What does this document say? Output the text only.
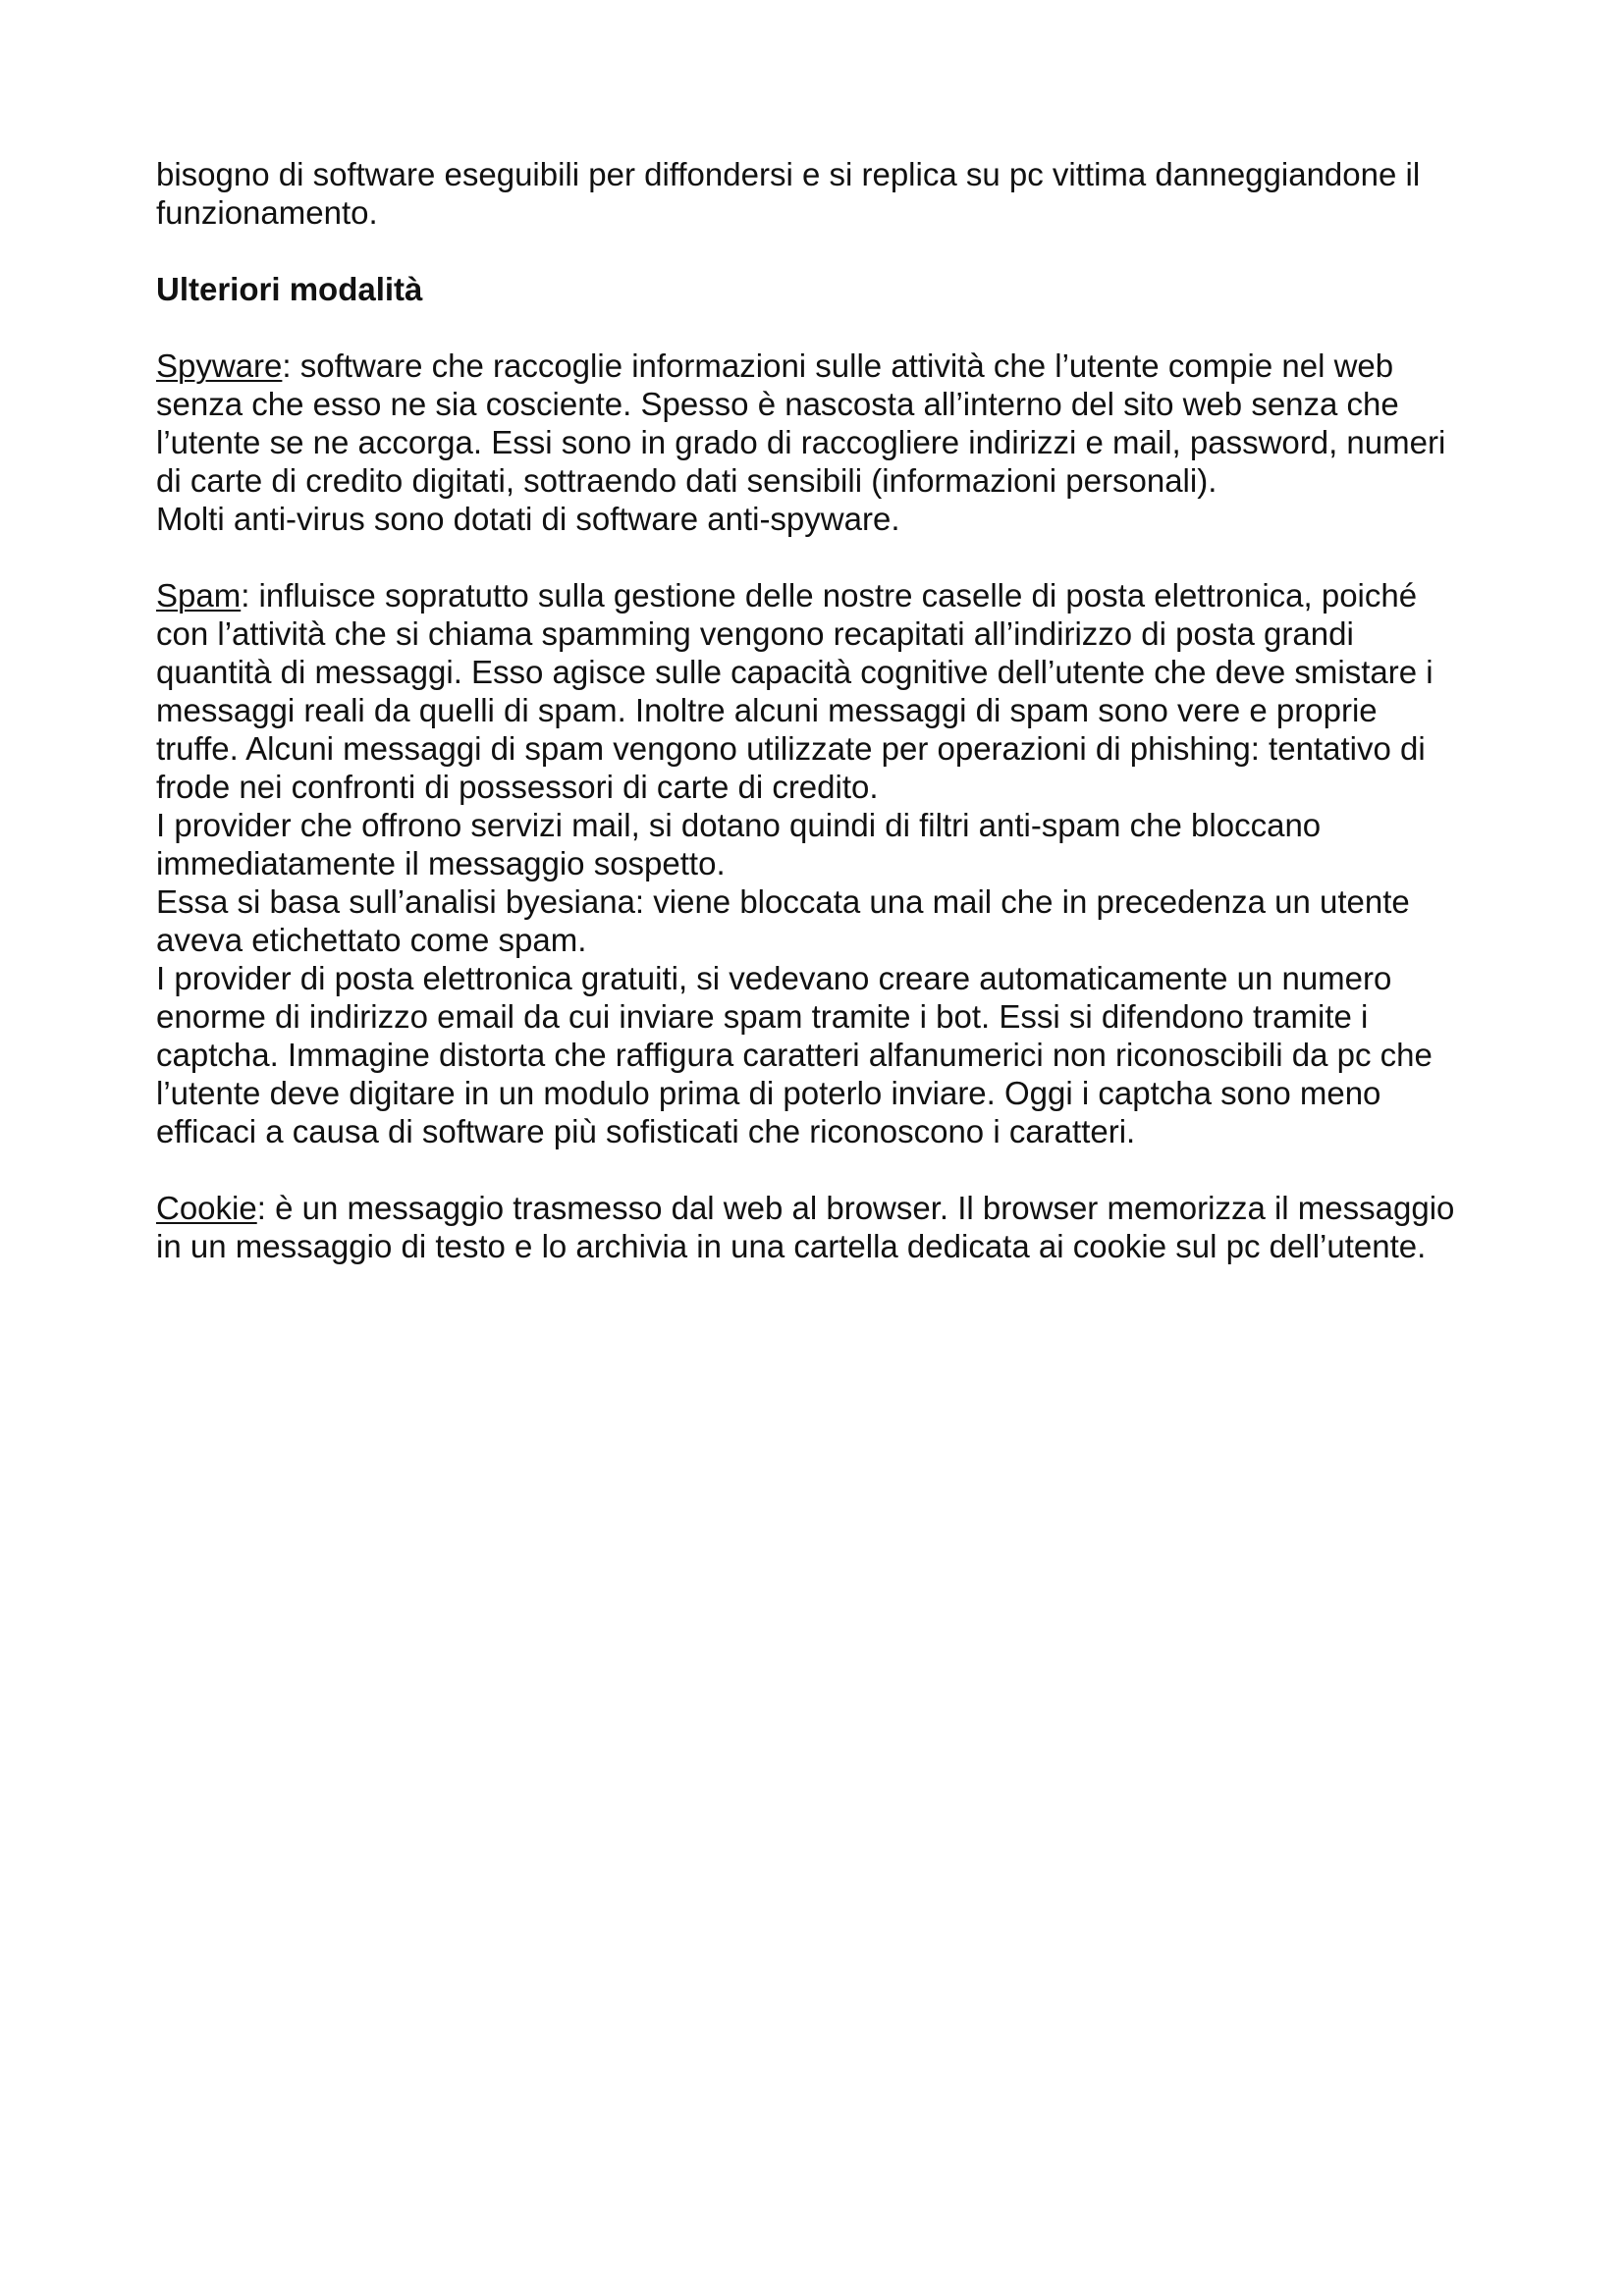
bisogno di software eseguibili per diffondersi e si replica su pc vittima danneggiandone il

funzionamento.

Ulteriori modalità

Spyware: software che raccoglie informazioni sulle attività che l’utente compie nel web

senza che esso ne sia cosciente. Spesso è nascosta all’interno del sito web senza che

l’utente se ne accorga. Essi sono in grado di raccogliere indirizzi e mail, password, numeri

di carte di credito digitati, sottraendo dati sensibili (informazioni personali).

Molti anti-virus sono dotati di software anti-spyware.

Spam: influisce sopratutto sulla gestione delle nostre caselle di posta elettronica, poiché

con l’attività che si chiama spamming vengono recapitati all’indirizzo di posta grandi

quantità di messaggi. Esso agisce sulle capacità cognitive dell’utente che deve smistare i

messaggi reali da quelli di spam. Inoltre alcuni messaggi di spam sono vere e proprie

truffe. Alcuni messaggi di spam vengono utilizzate per operazioni di phishing: tentativo di

frode nei confronti di possessori di carte di credito.

I provider che offrono servizi mail, si dotano quindi di filtri anti-spam che bloccano

immediatamente il messaggio sospetto.

Essa si basa sull’analisi byesiana: viene bloccata una mail che in precedenza un utente

aveva etichettato come spam.

I provider di posta elettronica gratuiti, si vedevano creare automaticamente un numero

enorme di indirizzo email da cui inviare spam tramite i bot. Essi si difendono tramite i

captcha. Immagine distorta che raffigura caratteri alfanumerici non riconoscibili da pc che

l’utente deve digitare in un modulo prima di poterlo inviare. Oggi i captcha sono meno

efficaci a causa di software più sofisticati che riconoscono i caratteri.

Cookie: è un messaggio trasmesso dal web al browser. Il browser memorizza il messaggio

in un messaggio di testo e lo archivia in una cartella dedicata ai cookie sul pc dell’utente.
